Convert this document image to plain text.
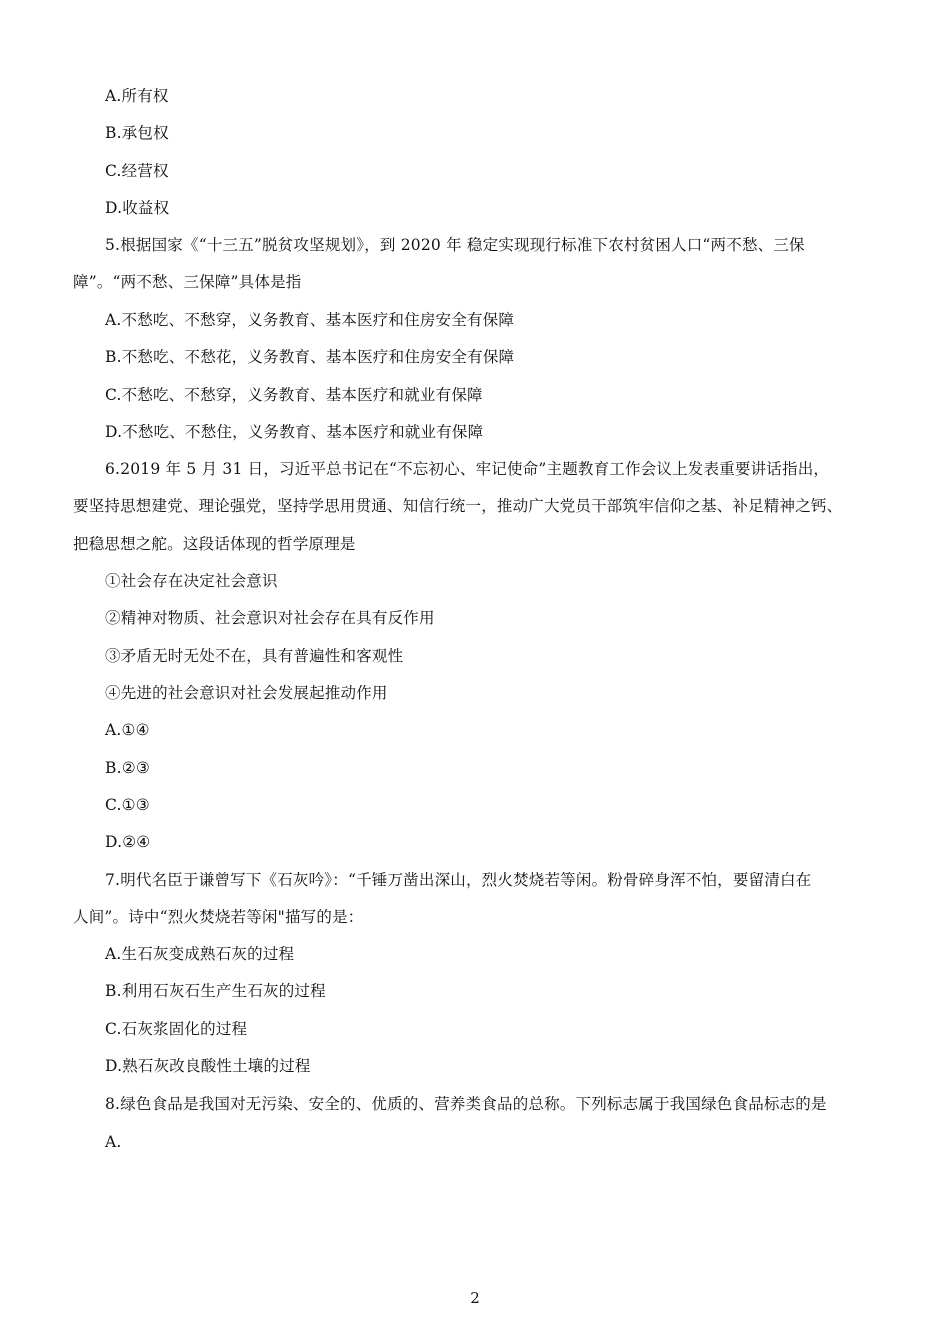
A.所有权
B.承包权
C.经营权
D.收益权
5.根据国家《“十三五”脱贫攻坚规划》，到 2020 年 稳定实现现行标准下农村贫困人口“两不愁、三保
障”。“两不愁、三保障”具体是指
A.不愁吃、不愁穿，义务教育、基本医疗和住房安全有保障
B.不愁吃、不愁花，义务教育、基本医疗和住房安全有保障
C.不愁吃、不愁穿，义务教育、基本医疗和就业有保障
D.不愁吃、不愁住，义务教育、基本医疗和就业有保障
6.2019 年 5 月 31 日，习近平总书记在“不忘初心、牢记使命”主题教育工作会议上发表重要讲话指出，
要坚持思想建党、理论强党，坚持学思用贯通、知信行统一，推动广大党员干部筑牢信仰之基、补足精神之钙、
把稳思想之舵。这段话体现的哲学原理是
①社会存在决定社会意识
②精神对物质、社会意识对社会存在具有反作用
③矛盾无时无处不在，具有普遍性和客观性
④先进的社会意识对社会发展起推动作用
A.①④
B.②③
C.①③
D.②④
7.明代名臣于谦曾写下《石灰吟》：“千锤万凿出深山，烈火焚烧若等闲。粉骨碎身浑不怕，要留清白在
人间”。诗中“烈火焚烧若等闲"描写的是：
A.生石灰变成熟石灰的过程
B.利用石灰石生产生石灰的过程
C.石灰浆固化的过程
D.熟石灰改良酸性土壤的过程
8.绿色食品是我国对无污染、安全的、优质的、营养类食品的总称。下列标志属于我国绿色食品标志的是
A.
2
